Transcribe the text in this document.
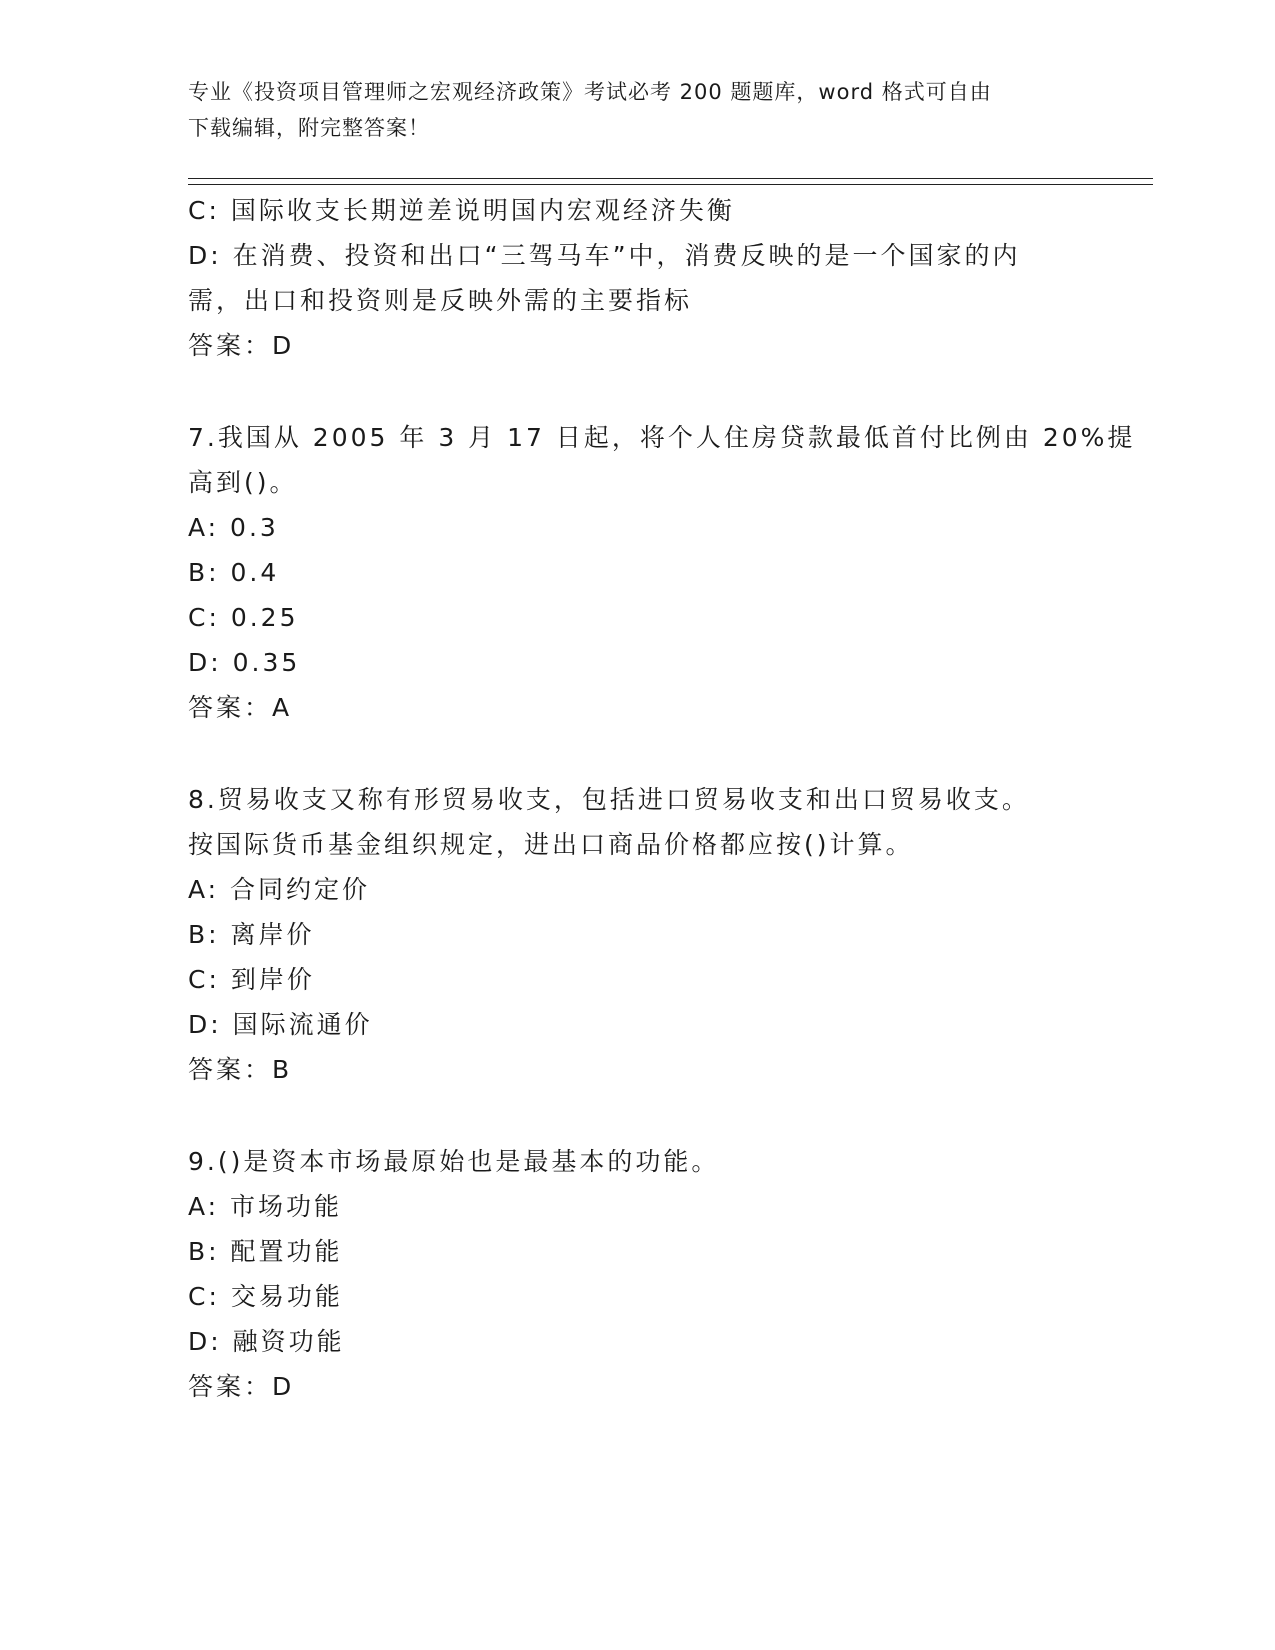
专业《投资项目管理师之宏观经济政策》考试必考 200 题题库，word 格式可自由
下载编辑，附完整答案！
C: 国际收支长期逆差说明国内宏观经济失衡
D: 在消费、投资和出口“三驾马车”中，消费反映的是一个国家的内
需，出口和投资则是反映外需的主要指标
答案：D
7.我国从 2005 年 3 月 17 日起，将个人住房贷款最低首付比例由 20%提
高到()。
A: 0.3
B: 0.4
C: 0.25
D: 0.35
答案：A
8.贸易收支又称有形贸易收支，包括进口贸易收支和出口贸易收支。
按国际货币基金组织规定，进出口商品价格都应按()计算。
A: 合同约定价
B: 离岸价
C: 到岸价
D: 国际流通价
答案：B
9.()是资本市场最原始也是最基本的功能。
A: 市场功能
B: 配置功能
C: 交易功能
D: 融资功能
答案：D
